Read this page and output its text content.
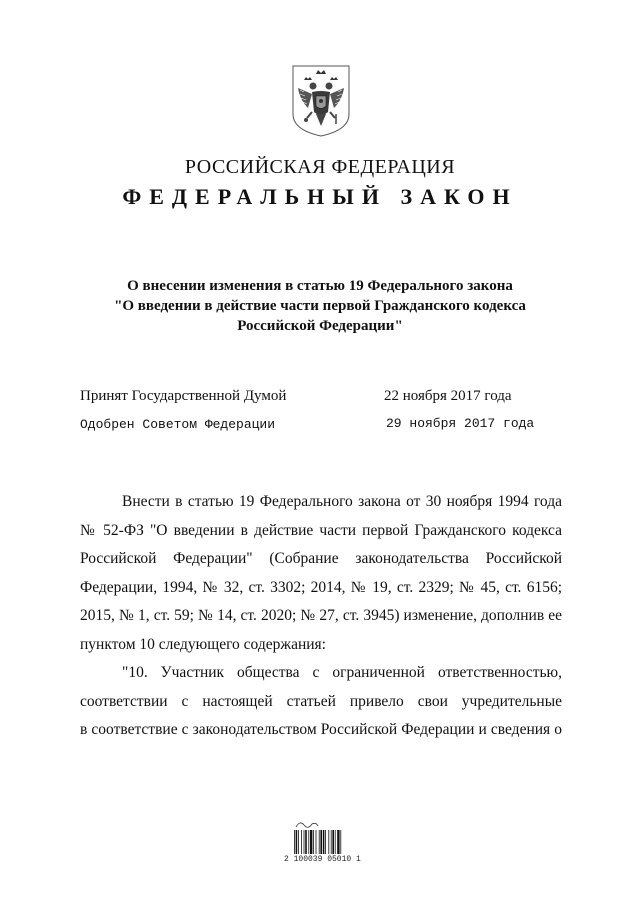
РОССИЙСКАЯ ФЕДЕРАЦИЯ
ФЕДЕРАЛЬНЫЙ ЗАКОН
О внесении изменения в статью 19 Федерального закона
"О введении в действие части первой Гражданского кодекса
Российской Федерации"
Принят Государственной Думой	22 ноября 2017 года
Одобрен Советом Федерации	29 ноября 2017 года
Внести в статью 19 Федерального закона от 30 ноября 1994 года
№ 52-ФЗ "О введении в действие части первой Гражданского кодекса
Российской Федерации" (Собрание законодательства Российской
Федерации, 1994, № 32, ст. 3302; 2014, № 19, ст. 2329; № 45, ст. 6156;
2015, № 1, ст. 59; № 14, ст. 2020; № 27, ст. 3945) изменение, дополнив ее
пунктом 10 следующего содержания:
"10. Участник общества с ограниченной ответственностью,
соответствии с настоящей статьей привело свои учредительные
в соответствие с законодательством Российской Федерации и сведения о
2 100039 05010 1
